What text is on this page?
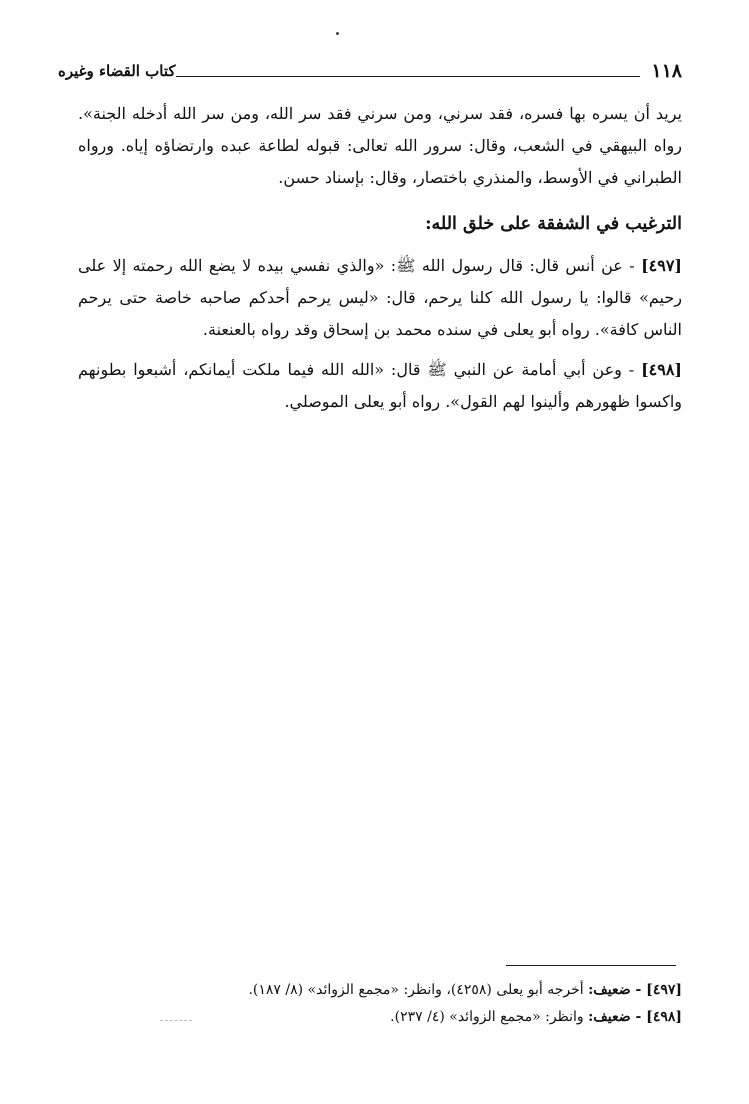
١١٨
كتاب القضاء وغيره

يريد أن يسره بها فسره، فقد سرني، ومن سرني فقد سر الله، ومن سر الله أدخله الجنة». رواه البيهقي في الشعب، وقال: سرور الله تعالى: قبوله لطاعة عبده وارتضاؤه إياه. ورواه الطبراني في الأوسط، والمنذري باختصار، وقال: بإسناد حسن.

الترغيب في الشفقة على خلق الله:

[٤٩٧] - عن أنس قال: قال رسول الله ﷺ: «والذي نفسي بيده لا يضع الله رحمته إلا على رحيم» قالوا: يا رسول الله كلنا يرحم، قال: «ليس يرحم أحدكم صاحبه خاصة حتى يرحم الناس كافة». رواه أبو يعلى في سنده محمد بن إسحاق وقد رواه بالعنعنة.

[٤٩٨] - وعن أبي أمامة عن النبي ﷺ قال: «الله الله فيما ملكت أيمانكم، أشبعوا بطونهم واكسوا ظهورهم وألينوا لهم القول». رواه أبو يعلى الموصلي.

[٤٩٧] - ضعيف: أخرجه أبو يعلى (٤٢٥٨)، وانظر: «مجمع الزوائد» (٨/ ١٨٧).

[٤٩٨] - ضعيف: وانظر: «مجمع الزوائد» (٤/ ٢٣٧).
